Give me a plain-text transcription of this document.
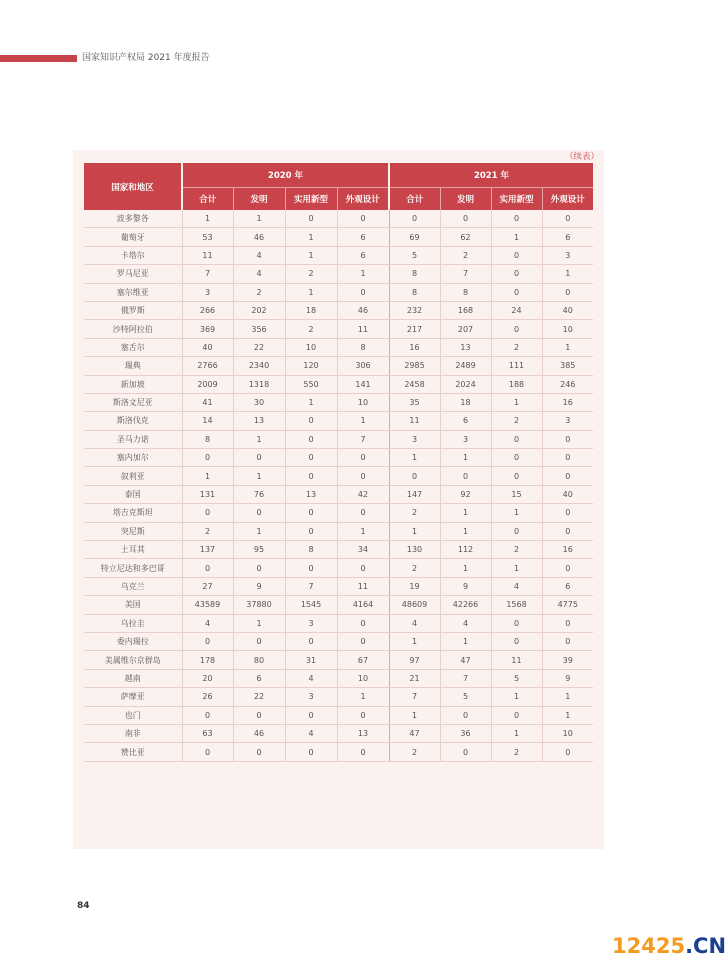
国家知识产权局 2021 年度报告
（续表）
国家和地区	2020 年				2021 年			
	合计	发明	实用新型	外观设计	合计	发明	实用新型	外观设计
波多黎各	1	1	0	0	0	0	0	0
葡萄牙	53	46	1	6	69	62	1	6
卡塔尔	11	4	1	6	5	2	0	3
罗马尼亚	7	4	2	1	8	7	0	1
塞尔维亚	3	2	1	0	8	8	0	0
俄罗斯	266	202	18	46	232	168	24	40
沙特阿拉伯	369	356	2	11	217	207	0	10
塞舌尔	40	22	10	8	16	13	2	1
瑞典	2766	2340	120	306	2985	2489	111	385
新加坡	2009	1318	550	141	2458	2024	188	246
斯洛文尼亚	41	30	1	10	35	18	1	16
斯洛伐克	14	13	0	1	11	6	2	3
圣马力诺	8	1	0	7	3	3	0	0
塞内加尔	0	0	0	0	1	1	0	0
叙利亚	1	1	0	0	0	0	0	0
泰国	131	76	13	42	147	92	15	40
塔吉克斯坦	0	0	0	0	2	1	1	0
突尼斯	2	1	0	1	1	1	0	0
土耳其	137	95	8	34	130	112	2	16
特立尼达和多巴哥	0	0	0	0	2	1	1	0
乌克兰	27	9	7	11	19	9	4	6
美国	43589	37880	1545	4164	48609	42266	1568	4775
乌拉圭	4	1	3	0	4	4	0	0
委内瑞拉	0	0	0	0	1	1	0	0
美属维尔京群岛	178	80	31	67	97	47	11	39
越南	20	6	4	10	21	7	5	9
萨摩亚	26	22	3	1	7	5	1	1
也门	0	0	0	0	1	0	0	1
南非	63	46	4	13	47	36	1	10
赞比亚	0	0	0	0	2	0	2	0
84
12425.CN
